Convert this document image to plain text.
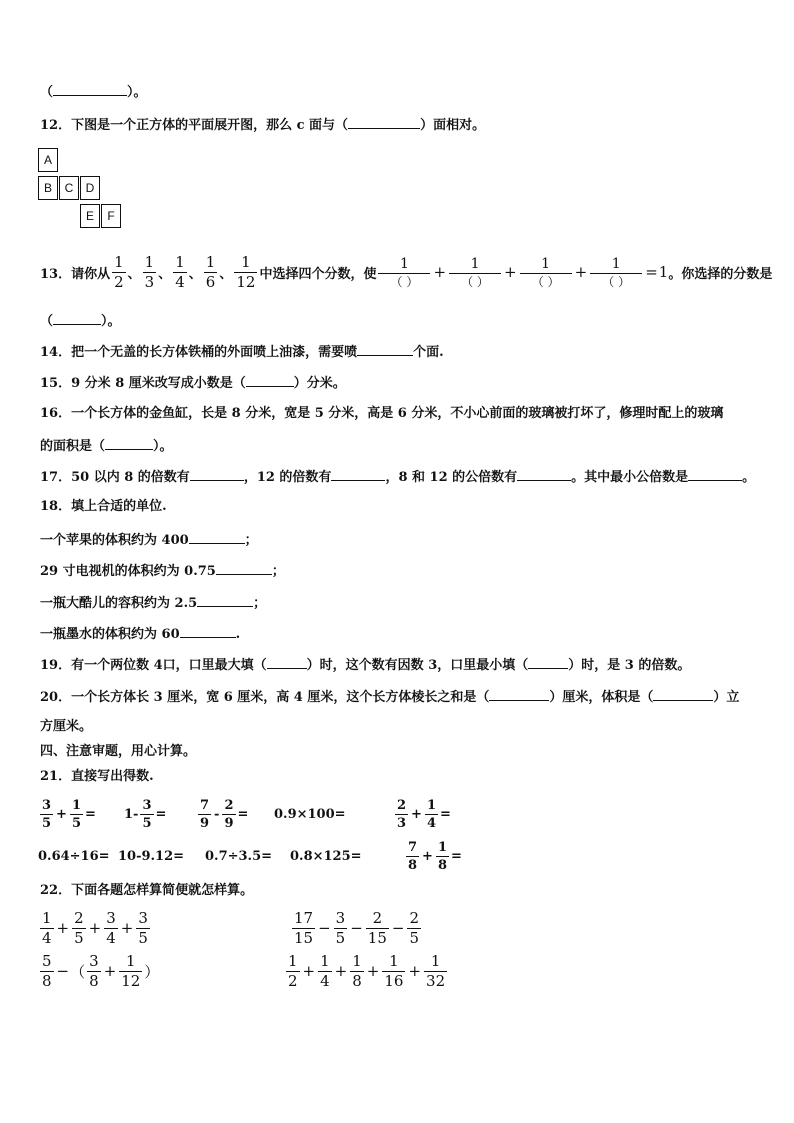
（	）。
12．下图是一个正方体的平面展开图，那么 c 面与（	）面相对。
A
B	C	D
E	F
13．请你从 $\frac{1}{2}$ 、 $\frac{1}{3}$ 、 $\frac{1}{4}$ 、 $\frac{1}{6}$ 、 $\frac{1}{12}$ 中选择四个分数，使 $\frac{1}{( )} + \frac{1}{( )} + \frac{1}{( )} + \frac{1}{( )} = 1$ 。你选择的分数是
（	）。
14．把一个无盖的长方体铁桶的外面喷上油漆，需要喷	个面.
15．9 分米 8 厘米改写成小数是（	）分米。
16．一个长方体的金鱼缸，长是 8 分米，宽是 5 分米，高是 6 分米，不小心前面的玻璃被打坏了，修理时配上的玻璃
的面积是（	）。
17．50 以内 8 的倍数有	，12 的倍数有	，8 和 12 的公倍数有	。其中最小公倍数是	。
18．填上合适的单位.
一个苹果的体积约为 400	；
29 寸电视机的体积约为 0.75	；
一瓶大酷儿的容积约为 2.5	；
一瓶墨水的体积约为 60	.
19．有一个两位数 4口，口里最大填（	）时，这个数有因数 3，口里最小填（	）时，是 3 的倍数。
20．一个长方体长 3 厘米，宽 6 厘米，高 4 厘米，这个长方体棱长之和是（	）厘米，体积是（	）立
方厘米。
四、注意审题，用心计算。
21．直接写出得数.
$\frac{3}{5} + \frac{1}{5} = 1- \frac{3}{5} = \frac{7}{9} - \frac{2}{9} = 0.9\times 100=$	$\frac{2}{3} + \frac{1}{4}$ =
0.64÷16= 10-9.12= 0.7÷3.5= 0.8×125=	$\frac{7}{8} + \frac{1}{8}$ =
22．下面各题怎样算简便就怎样算。
$\frac{1}{4} + \frac{2}{5} + \frac{3}{4} + \frac{3}{5}$	$\frac{17}{15} - \frac{3}{5} - \frac{2}{15} - \frac{2}{5}$
$\frac{5}{8}$ − （ $\frac{3}{8} + \frac{1}{12}$ ）	$\frac{1}{2} + \frac{1}{4} + \frac{1}{8} + \frac{1}{16} + \frac{1}{32}$
